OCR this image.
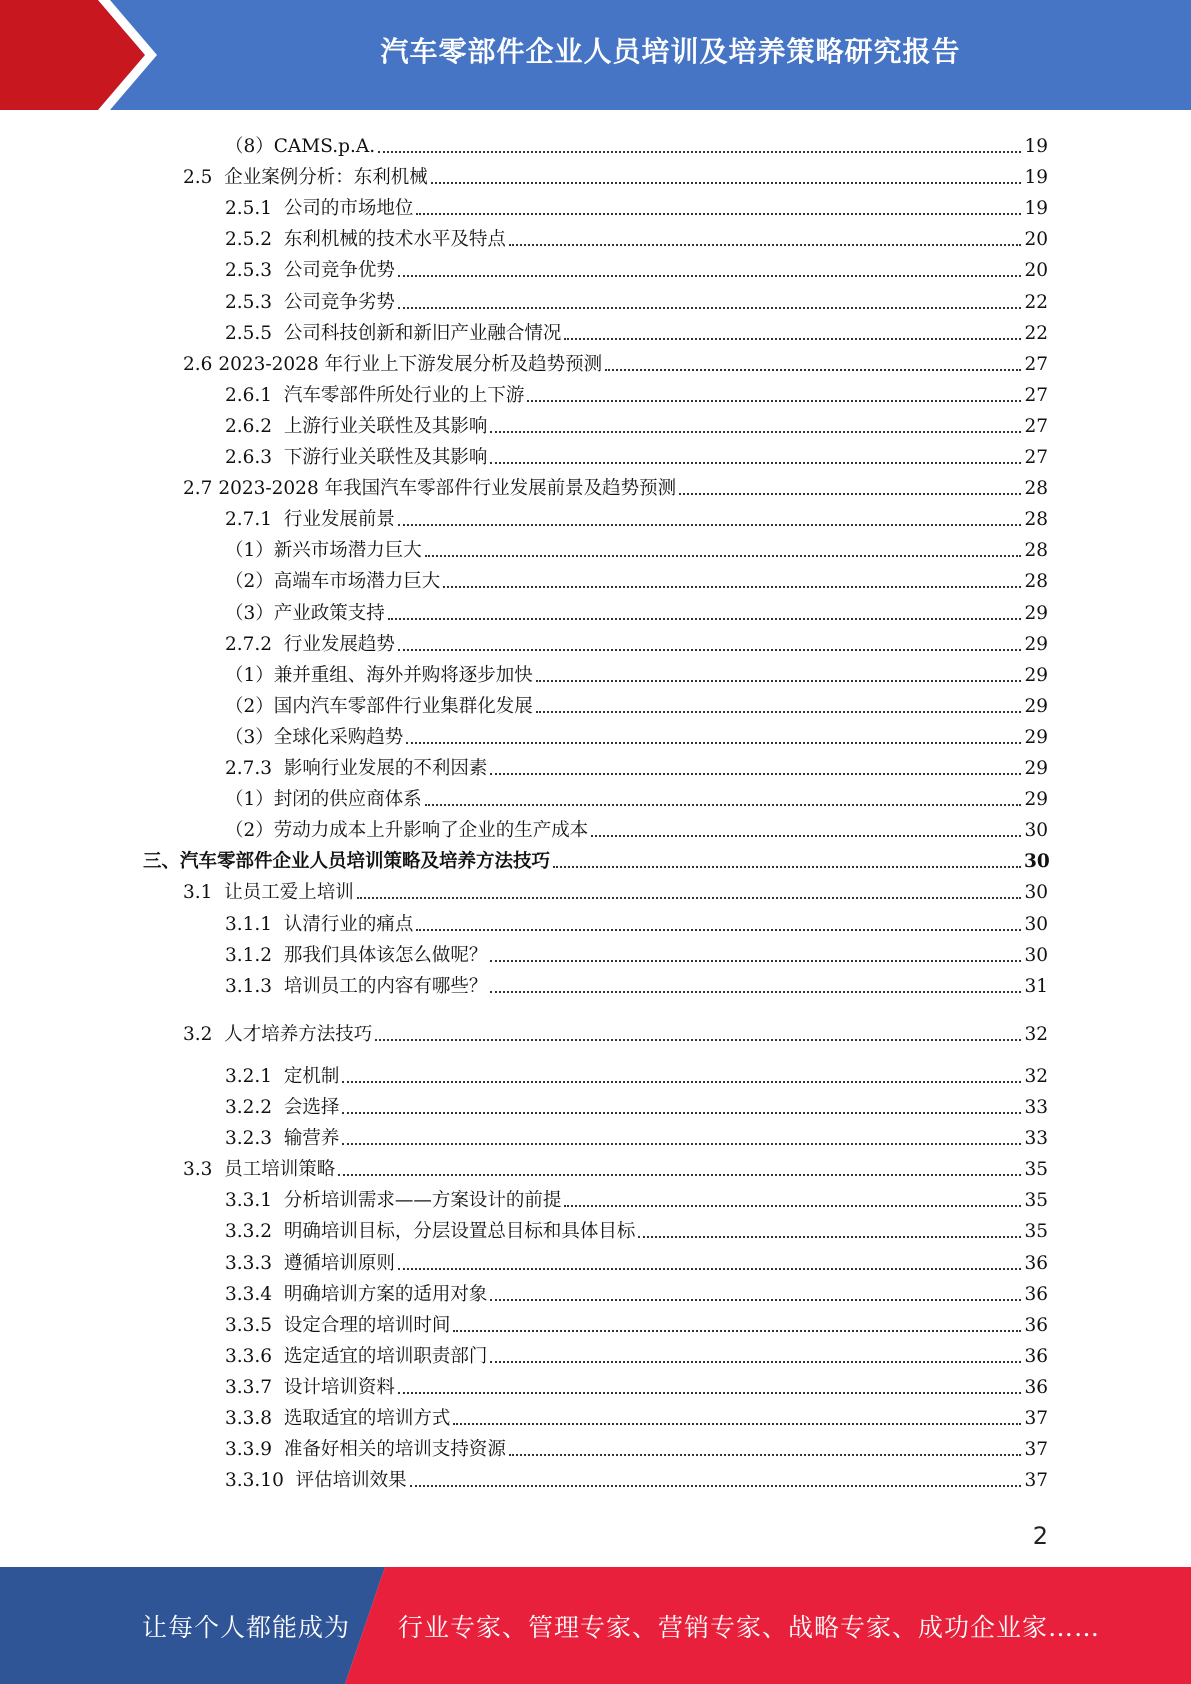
汽车零部件企业人员培训及培养策略研究报告
（8） CAMS.p.A.	19
2.5 企业案例分析：东利机械	19
2.5.1 公司的市场地位	19
2.5.2 东利机械的技术水平及特点	20
2.5.3 公司竞争优势	20
2.5.3 公司竞争劣势	22
2.5.5 公司科技创新和新旧产业融合情况	22
2.6 2023-2028 年行业上下游发展分析及趋势预测	27
2.6.1 汽车零部件所处行业的上下游	27
2.6.2 上游行业关联性及其影响	27
2.6.3 下游行业关联性及其影响	27
2.7 2023-2028 年我国汽车零部件行业发展前景及趋势预测	28
2.7.1 行业发展前景	28
（1） 新兴市场潜力巨大	28
（2） 高端车市场潜力巨大	28
（3） 产业政策支持	29
2.7.2 行业发展趋势	29
（1） 兼并重组、海外并购将逐步加快	29
（2） 国内汽车零部件行业集群化发展	29
（3） 全球化采购趋势	29
2.7.3 影响行业发展的不利因素	29
（1） 封闭的供应商体系	29
（2） 劳动力成本上升影响了企业的生产成本	30
三、 汽车零部件企业人员培训策略及培养方法技巧	30
3.1 让员工爱上培训	30
3.1.1 认清行业的痛点	30
3.1.2 那我们具体该怎么做呢？	30
3.1.3 培训员工的内容有哪些？	31
3.2 人才培养方法技巧	32
3.2.1 定机制	32
3.2.2 会选择	33
3.2.3 输营养	33
3.3 员工培训策略	35
3.3.1 分析培训需求——方案设计的前提	35
3.3.2 明确培训目标，分层设置总目标和具体目标	35
3.3.3 遵循培训原则	36
3.3.4 明确培训方案的适用对象	36
3.3.5 设定合理的培训时间	36
3.3.6 选定适宜的培训职责部门	36
3.3.7 设计培训资料	36
3.3.8 选取适宜的培训方式	37
3.3.9 准备好相关的培训支持资源	37
3.3.10 评估培训效果	37
2
让每个人都能成为 行业专家、管理专家、营销专家、战略专家、成功企业家……
